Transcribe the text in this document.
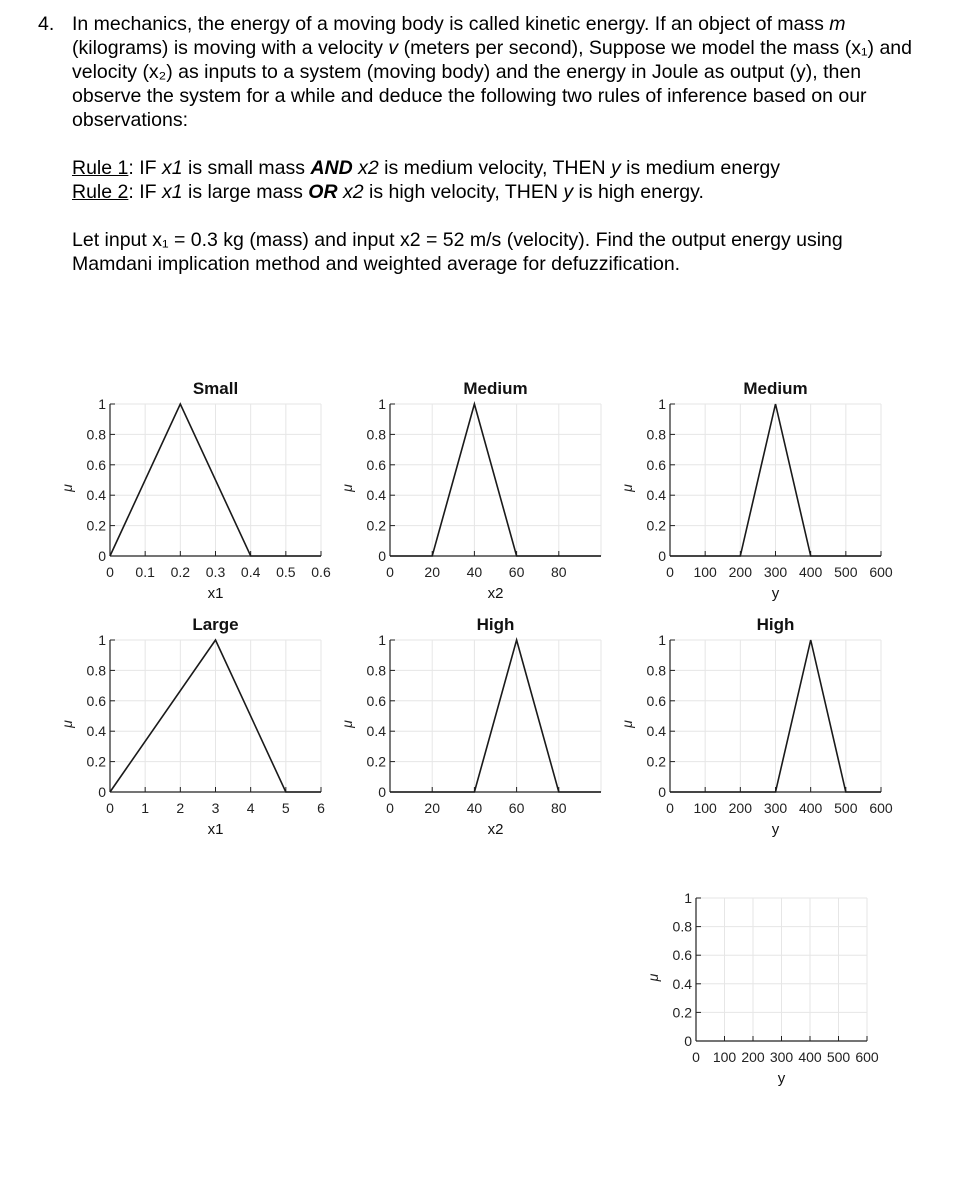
4. In mechanics, the energy of a moving body is called kinetic energy. If an object of mass m (kilograms) is moving with a velocity v (meters per second), Suppose we model the mass (x₁) and velocity (x₂) as inputs to a system (moving body) and the energy in Joule as output (y), then observe the system for a while and deduce the following two rules of inference based on our observations:
Rule 1: IF x1 is small mass AND x2 is medium velocity, THEN y is medium energy
Rule 2: IF x1 is large mass OR x2 is high velocity, THEN y is high energy.
Let input x₁ = 0.3 kg (mass) and input x2 = 52 m/s (velocity). Find the output energy using Mamdani implication method and weighted average for defuzzification.
0
0.2
0.4
0.6
0.8
1
0 0.1 0.2 0.3 0.4 0.5 0.6
x1
μ
Small
0
0.2
0.4
0.6
0.8
1
0 20 40 60 80
x2
μ
Medium
0
0.2
0.4
0.6
0.8
1
0 100 200 300 400 500 600
y
μ
Medium
0
0.2
0.4
0.6
0.8
1
0 1 2 3 4 5 6
x1
μ
Large
0
0.2
0.4
0.6
0.8
1
0 20 40 60 80
x2
μ
High
0
0.2
0.4
0.6
0.8
1
0 100 200 300 400 500 600
y
μ
High
0
0.2
0.4
0.6
0.8
1
0 100 200 300 400 500 600
y
μ
